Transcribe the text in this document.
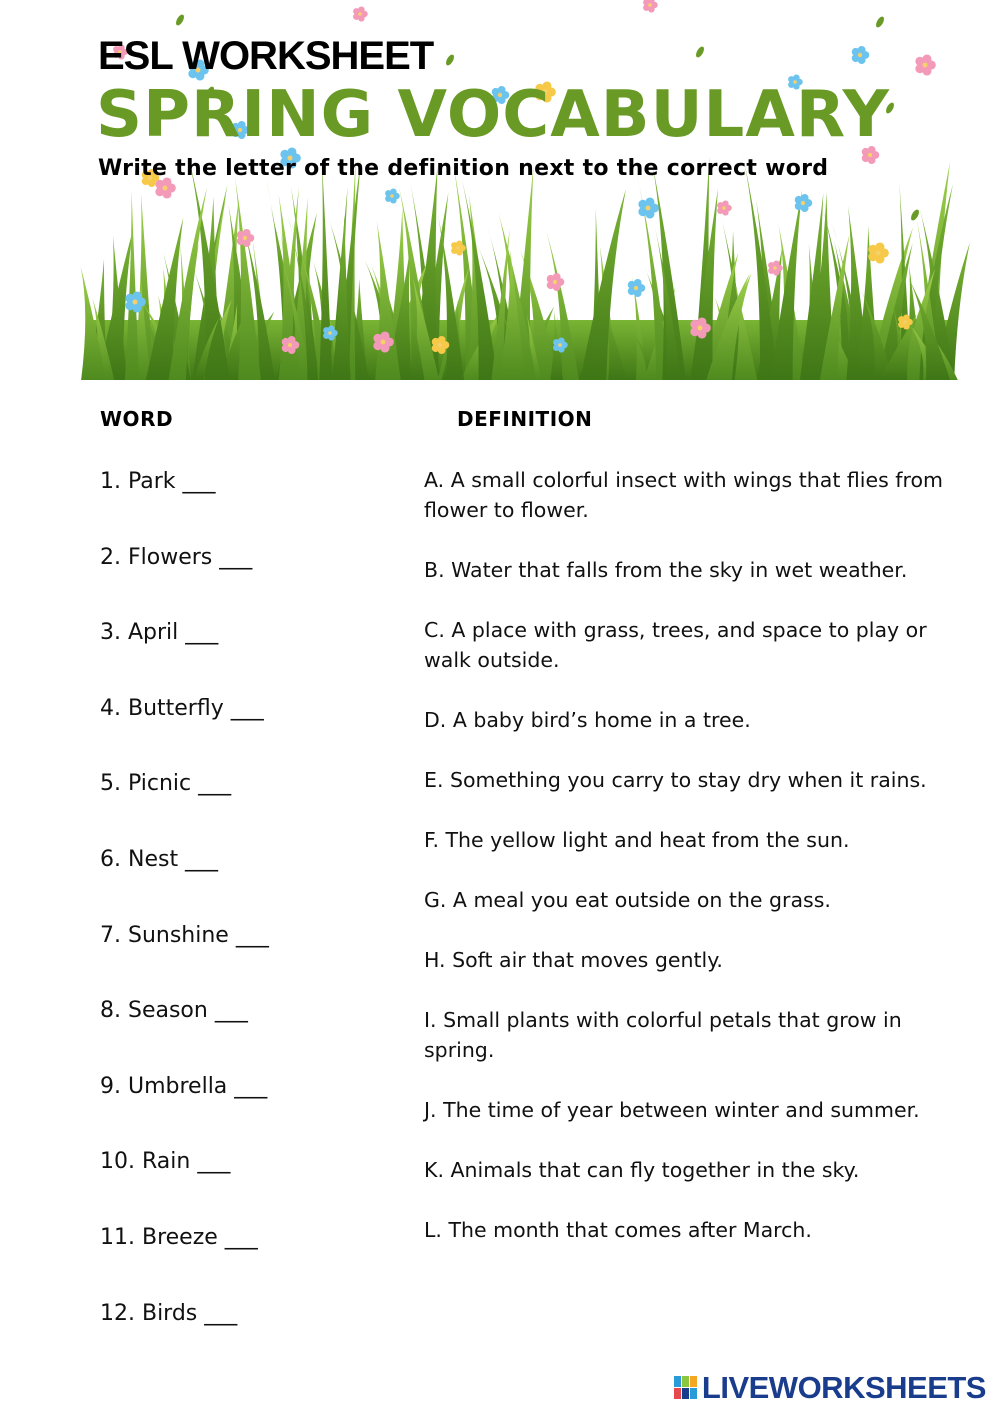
ESL WORKSHEET
SPRING VOCABULARY

Write the letter of the definition next to the correct word

WORD	DEFINITION

1. Park ___
2. Flowers ___
3. April ___
4. Butterfly ___
5. Picnic ___
6. Nest ___
7. Sunshine ___
8. Season ___
9. Umbrella ___
10. Rain ___
11. Breeze ___
12. Birds ___
A. A small colorful insect with wings that flies from flower to flower.
B. Water that falls from the sky in wet weather.
C. A place with grass, trees, and space to play or walk outside.
D. A baby bird’s home in a tree.
E. Something you carry to stay dry when it rains.
F. The yellow light and heat from the sun.
G. A meal you eat outside on the grass.
H. Soft air that moves gently.
I. Small plants with colorful petals that grow in spring.
J. The time of year between winter and summer.
K. Animals that can fly together in the sky.
L. The month that comes after March.
LIVEWORKSHEETS
